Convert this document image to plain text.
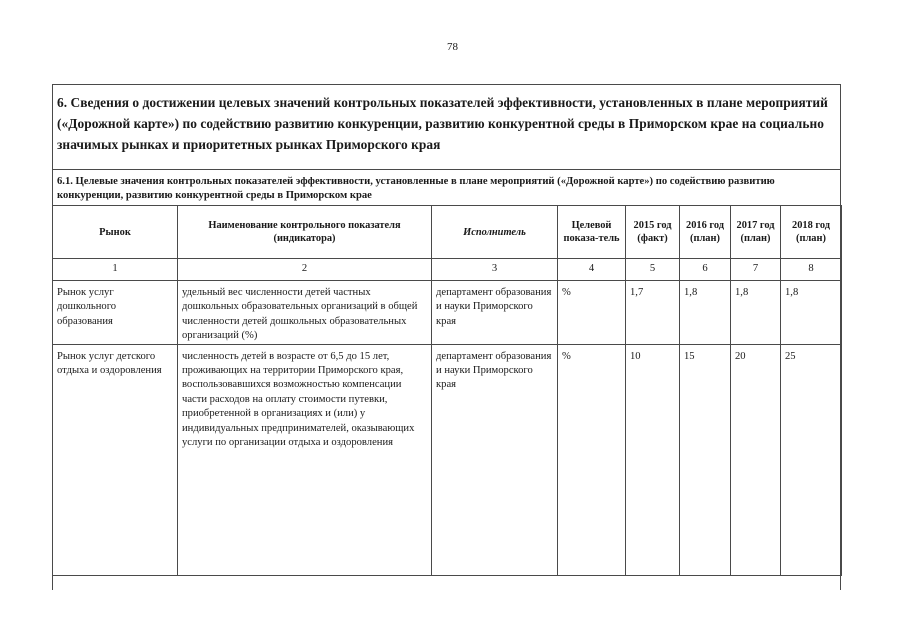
78
6. Сведения о достижении целевых значений контрольных показателей эффективности, установленных в плане мероприятий («Дорожной карте») по содействию развитию конкуренции, развитию конкурентной среды в Приморском крае на социально значимых рынках и приоритетных рынках Приморского края
6.1. Целевые значения контрольных показателей эффективности, установленные в плане мероприятий («Дорожной карте») по содействию развитию конкуренции, развитию конкурентной среды в Приморском крае
Рынок	Наименование контрольного показателя (индикатора)	Исполнитель	Целевой показа-тель	2015 год (факт)	2016 год (план)	2017 год (план)	2018 год (план)
1	2	3	4	5	6	7	8

Рынок услуг дошкольного образования	удельный вес численности детей частных дошкольных образовательных организаций в общей численности детей дошкольных образовательных организаций (%)	департамент образования и науки Приморского края	%	1,7	1,8	1,8	1,8

Рынок услуг детского отдыха и оздоровления	численность детей в возрасте от 6,5 до 15 лет, проживающих на территории Приморского края, воспользовавшихся возможностью компенсации части расходов на оплату стоимости путевки, приобретенной в организациях и (или) у индивидуальных предпринимателей, оказывающих услуги по организации отдыха и оздоровления	департамент образования и науки Приморского края	%	10	15	20	25
